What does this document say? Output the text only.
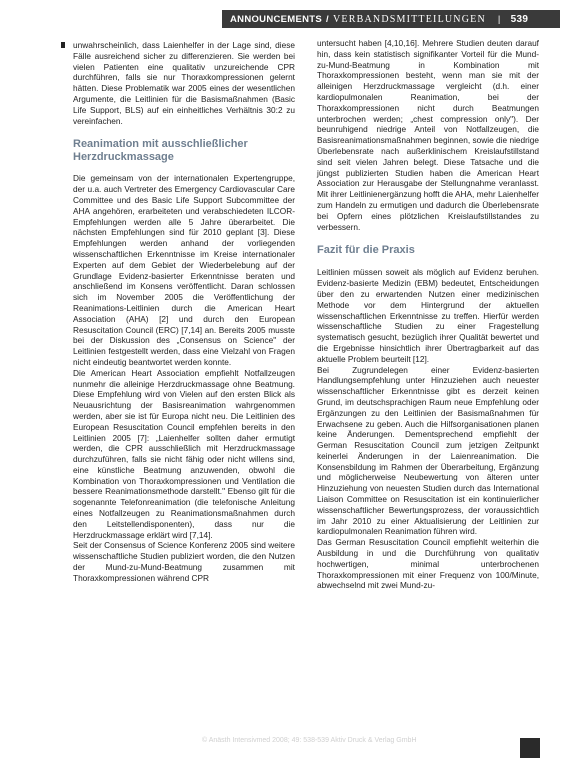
ANNOUNCEMENTS / VERBANDSMITTEILUNGEN | 539

unwahrscheinlich, dass Laienhelfer in der Lage sind, diese Fälle ausreichend sicher zu differenzieren. Sie werden bei vielen Patienten eine qualitativ unzureichende CPR durchführen, falls sie nur Thoraxkompressionen gelernt hätten. Diese Problematik war 2005 eines der wesentlichen Argumente, die Leitlinien für die Basismaßnahmen (Basic Life Support, BLS) auf ein einheitliches Verhältnis 30:2 zu vereinfachen.

Reanimation mit ausschließlicher Herzdruckmassage

Die gemeinsam von der internationalen Expertengruppe, der u.a. auch Vertreter des Emergency Cardiovascular Care Committee und des Basic Life Support Subcommittee der AHA angehören, erarbeiteten und verabschiedeten ILCOR-Empfehlungen werden alle 5 Jahre überarbeitet. Die nächsten Empfehlungen sind für 2010 geplant [3]. Diese Empfehlungen werden anhand der vorliegenden wissenschaftlichen Erkenntnisse im Kreise internationaler Experten auf dem Gebiet der Wiederbelebung auf der Grundlage Evidenz-basierter Erkenntnisse beraten und anschließend im Konsens veröffentlicht. Daran schlossen sich im November 2005 die Veröffentlichung der Reanimations-Leitlinien durch die American Heart Association (AHA) [2] und durch den European Resuscitation Council (ERC) [7,14] an. Bereits 2005 musste bei der Diskussion des „Consensus on Science" der Leitlinien festgestellt werden, dass eine Vielzahl von Fragen nicht eindeutig beantwortet werden konnte.

Die American Heart Association empfiehlt Notfallzeugen nunmehr die alleinige Herzdruckmassage ohne Beatmung. Diese Empfehlung wird von Vielen auf den ersten Blick als Neuausrichtung der Basisreanimation wahrgenommen werden, aber sie ist für Europa nicht neu. Die Leitlinien des European Resuscitation Council empfehlen bereits in den Leitlinien 2005 [7]: „Laienhelfer sollten daher ermutigt werden, die CPR ausschließlich mit Herzdruckmassage durchzuführen, falls sie nicht fähig oder nicht willens sind, eine künstliche Beatmung anzuwenden, obwohl die Kombination von Thoraxkompressionen und Ventilation die bessere Reanimationsmethode darstellt." Ebenso gilt für die sogenannte Telefonreanimation (die telefonische Anleitung eines Notfallzeugen zu Reanimationsmaßnahmen durch den Leitstellendisponenten), dass nur die Herzdruckmassage erklärt wird [7,14].

Seit der Consensus of Science Konferenz 2005 sind weitere wissenschaftliche Studien publiziert worden, die den Nutzen der Mund-zu-Mund-Beatmung zusammen mit Thoraxkompressionen während CPR

untersucht haben [4,10,16]. Mehrere Studien deuten darauf hin, dass kein statistisch signifikanter Vorteil für die Mund-zu-Mund-Beatmung in Kombination mit Thoraxkompressionen besteht, wenn man sie mit der alleinigen Herzdruckmassage vergleicht (d.h. einer kardiopulmonalen Reanimation, bei der Thoraxkompressionen nicht durch Beatmungen unterbrochen werden; „chest compression only"). Der beunruhigend niedrige Anteil von Notfallzeugen, die Basisreanimationsmaßnahmen beginnen, sowie die niedrige Überlebensrate nach außerklinischem Kreislaufstillstand sind seit vielen Jahren belegt. Diese Tatsache und die jüngst publizierten Studien haben die American Heart Association zur Herausgabe der Stellungnahme veranlasst. Mit ihrer Leitlinienergänzung hofft die AHA, mehr Laienhelfer zum Handeln zu ermutigen und dadurch die Überlebensrate bei Opfern eines plötzlichen Kreislaufstillstandes zu verbessern.

Fazit für die Praxis

Leitlinien müssen soweit als möglich auf Evidenz beruhen. Evidenz-basierte Medizin (EBM) bedeutet, Entscheidungen über den zu erwartenden Nutzen einer medizinischen Methode vor dem Hintergrund der aktuellen wissenschaftlichen Erkenntnisse zu treffen. Hierfür werden wissenschaftliche Studien zu einer Fragestellung systematisch gesucht, bezüglich ihrer Qualität bewertet und die Ergebnisse hinsichtlich ihrer Übertragbarkeit auf das aktuelle Problem beurteilt [12].

Bei Zugrundelegen einer Evidenz-basierten Handlungsempfehlung unter Hinzuziehen auch neuester wissenschaftlicher Erkenntnisse gibt es derzeit keinen Grund, im deutschsprachigen Raum neue Empfehlung oder Ergänzungen zu den Leitlinien der Basismaßnahmen für Erwachsene zu geben. Auch die Hilfsorganisationen planen keine Änderungen. Dementsprechend empfiehlt der German Resuscitation Council zum jetzigen Zeitpunkt keinerlei Änderungen in der Laienreanimation. Die Konsensbildung im Rahmen der Überarbeitung, Ergänzung und möglicherweise Neubewertung von älteren unter Hinzuziehung von neuesten Studien durch das International Liaison Committee on Resuscitation ist ein kontinuierlicher wissenschaftlicher Bewertungsprozess, der voraussichtlich im Jahr 2010 zu einer Aktualisierung der Leitlinien zur kardiopulmonalen Reanimation führen wird.

Das German Resuscitation Council empfiehlt weiterhin die Ausbildung in und die Durchführung von qualitativ hochwertigen, minimal unterbrochenen Thoraxkompressionen mit einer Frequenz von 100/Minute, abwechselnd mit zwei Mund-zu-

© Anästh Intensivmed 2008; 49: 538-539 Aktiv Druck & Verlag GmbH
